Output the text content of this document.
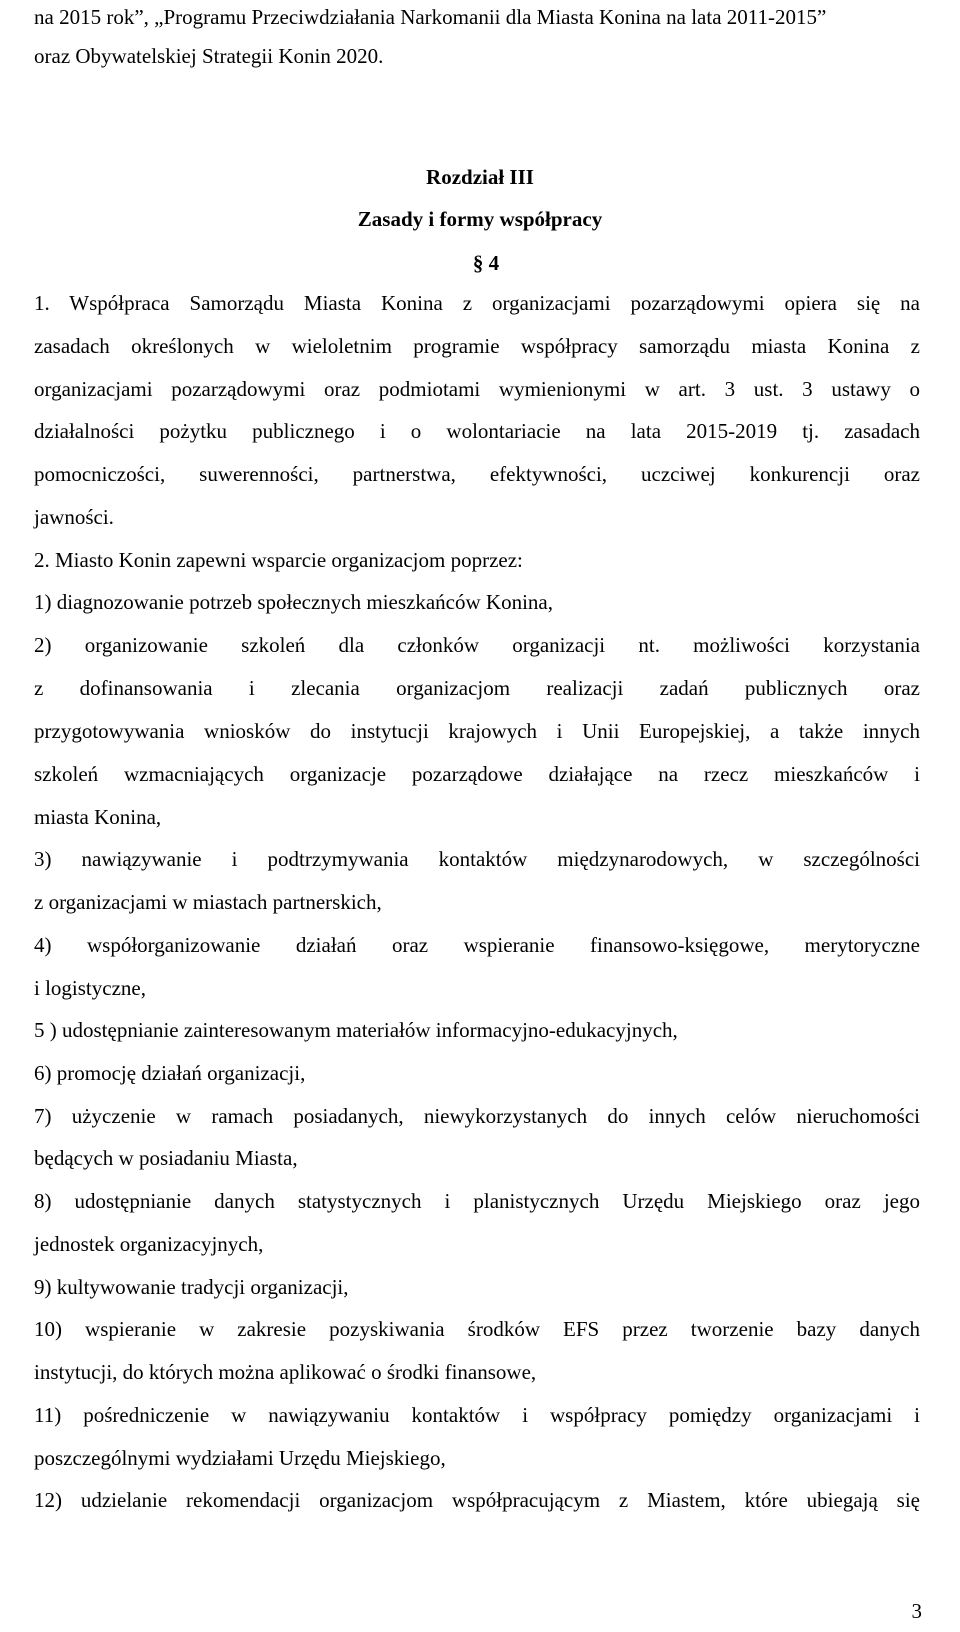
na 2015 rok”, „Programu Przeciwdziałania Narkomanii dla Miasta Konina na lata 2011-2015”
oraz Obywatelskiej Strategii Konin 2020.
Rozdział III
Zasady i formy współpracy
§ 4
1. Współpraca Samorządu Miasta Konina z organizacjami pozarządowymi opiera się na
zasadach określonych w wieloletnim programie współpracy samorządu miasta Konina z
organizacjami pozarządowymi oraz podmiotami wymienionymi w art. 3 ust. 3 ustawy o
działalności pożytku publicznego i o wolontariacie na lata 2015-2019 tj. zasadach
pomocniczości, suwerenności, partnerstwa, efektywności, uczciwej konkurencji oraz
jawności.
2. Miasto Konin zapewni wsparcie organizacjom poprzez:
1) diagnozowanie potrzeb społecznych mieszkańców Konina,
2) organizowanie szkoleń dla członków organizacji nt. możliwości korzystania
z dofinansowania i zlecania organizacjom realizacji zadań publicznych oraz
przygotowywania wniosków do instytucji krajowych i Unii Europejskiej, a także innych
szkoleń wzmacniających organizacje pozarządowe działające na rzecz mieszkańców i
miasta Konina,
3) nawiązywanie i podtrzymywania kontaktów międzynarodowych, w szczególności
z organizacjami w miastach partnerskich,
4) współorganizowanie działań oraz wspieranie finansowo-księgowe, merytoryczne
i logistyczne,
5 ) udostępnianie zainteresowanym materiałów informacyjno-edukacyjnych,
6) promocję działań organizacji,
7) użyczenie w ramach posiadanych, niewykorzystanych do innych celów nieruchomości
będących w posiadaniu Miasta,
8) udostępnianie danych statystycznych i planistycznych Urzędu Miejskiego oraz jego
jednostek organizacyjnych,
9) kultywowanie tradycji organizacji,
10) wspieranie w zakresie pozyskiwania środków EFS przez tworzenie bazy danych
instytucji, do których można aplikować o środki finansowe,
11) pośredniczenie w nawiązywaniu kontaktów i współpracy pomiędzy organizacjami i
poszczególnymi wydziałami Urzędu Miejskiego,
12) udzielanie rekomendacji organizacjom współpracującym z Miastem, które ubiegają się
3
